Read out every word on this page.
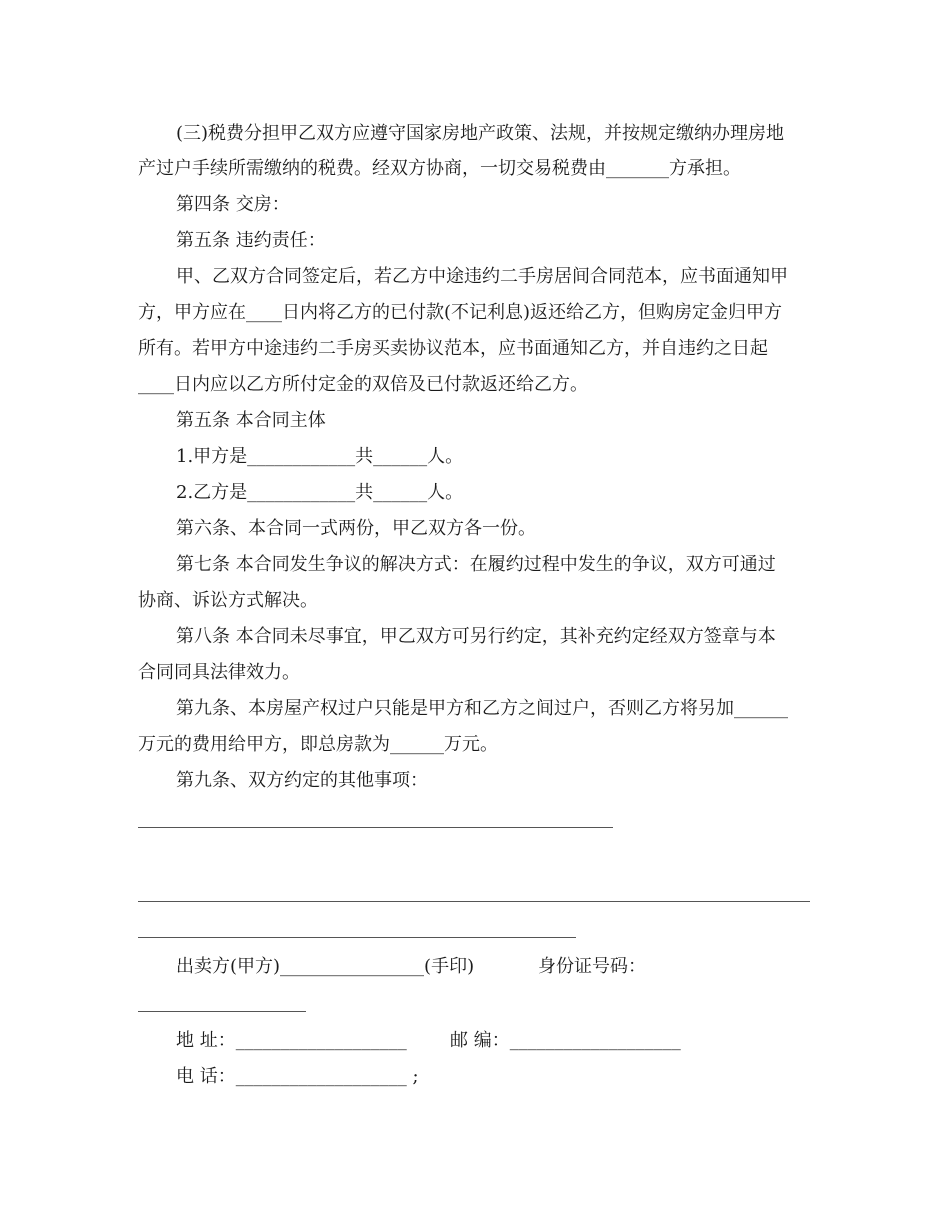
(三)税费分担甲乙双方应遵守国家房地产政策、法规，并按规定缴纳办理房地
产过户手续所需缴纳的税费。经双方协商，一切交易税费由_______方承担。
第四条 交房：
第五条 违约责任：
甲、乙双方合同签定后，若乙方中途违约二手房居间合同范本，应书面通知甲
方，甲方应在____日内将乙方的已付款(不记利息)返还给乙方，但购房定金归甲方
所有。若甲方中途违约二手房买卖协议范本，应书面通知乙方，并自违约之日起
____日内应以乙方所付定金的双倍及已付款返还给乙方。
第五条 本合同主体
1.甲方是____________共______人。
2.乙方是____________共______人。
第六条、本合同一式两份，甲乙双方各一份。
第七条 本合同发生争议的解决方式：在履约过程中发生的争议，双方可通过
协商、诉讼方式解决。
第八条 本合同未尽事宜，甲乙双方可另行约定，其补充约定经双方签章与本
合同同具法律效力。
第九条、本房屋产权过户只能是甲方和乙方之间过户，否则乙方将另加______
万元的费用给甲方，即总房款为______万元。
第九条、双方约定的其他事项：
出卖方(甲方)________________(手印)	身份证号码：
地 址：___________________ 邮 编：___________________
电 话：___________________ ;
